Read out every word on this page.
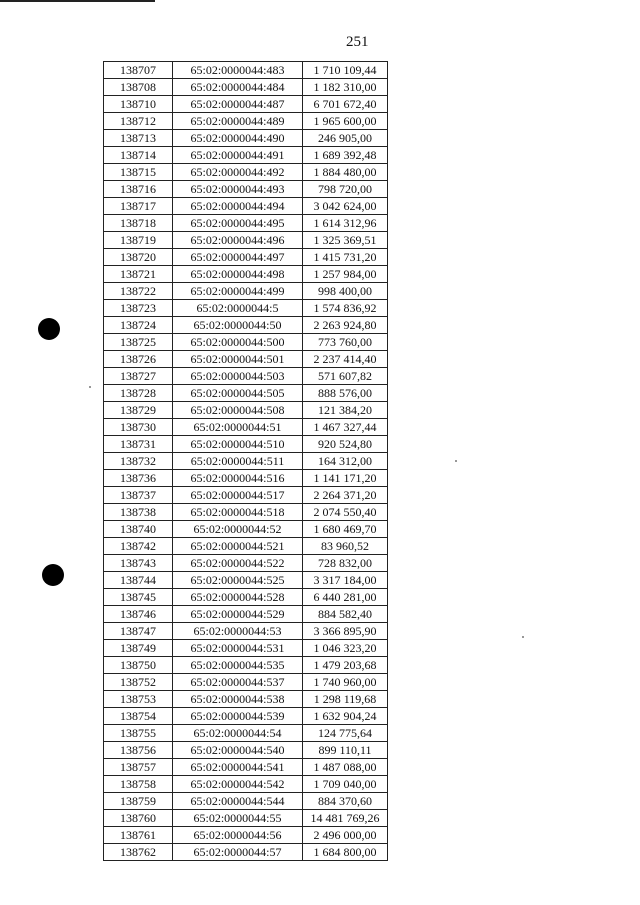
251
138707	65:02:0000044:483	1 710 109,44
138708	65:02:0000044:484	1 182 310,00
138710	65:02:0000044:487	6 701 672,40
138712	65:02:0000044:489	1 965 600,00
138713	65:02:0000044:490	246 905,00
138714	65:02:0000044:491	1 689 392,48
138715	65:02:0000044:492	1 884 480,00
138716	65:02:0000044:493	798 720,00
138717	65:02:0000044:494	3 042 624,00
138718	65:02:0000044:495	1 614 312,96
138719	65:02:0000044:496	1 325 369,51
138720	65:02:0000044:497	1 415 731,20
138721	65:02:0000044:498	1 257 984,00
138722	65:02:0000044:499	998 400,00
138723	65:02:0000044:5	1 574 836,92
138724	65:02:0000044:50	2 263 924,80
138725	65:02:0000044:500	773 760,00
138726	65:02:0000044:501	2 237 414,40
138727	65:02:0000044:503	571 607,82
138728	65:02:0000044:505	888 576,00
138729	65:02:0000044:508	121 384,20
138730	65:02:0000044:51	1 467 327,44
138731	65:02:0000044:510	920 524,80
138732	65:02:0000044:511	164 312,00
138736	65:02:0000044:516	1 141 171,20
138737	65:02:0000044:517	2 264 371,20
138738	65:02:0000044:518	2 074 550,40
138740	65:02:0000044:52	1 680 469,70
138742	65:02:0000044:521	83 960,52
138743	65:02:0000044:522	728 832,00
138744	65:02:0000044:525	3 317 184,00
138745	65:02:0000044:528	6 440 281,00
138746	65:02:0000044:529	884 582,40
138747	65:02:0000044:53	3 366 895,90
138749	65:02:0000044:531	1 046 323,20
138750	65:02:0000044:535	1 479 203,68
138752	65:02:0000044:537	1 740 960,00
138753	65:02:0000044:538	1 298 119,68
138754	65:02:0000044:539	1 632 904,24
138755	65:02:0000044:54	124 775,64
138756	65:02:0000044:540	899 110,11
138757	65:02:0000044:541	1 487 088,00
138758	65:02:0000044:542	1 709 040,00
138759	65:02:0000044:544	884 370,60
138760	65:02:0000044:55	14 481 769,26
138761	65:02:0000044:56	2 496 000,00
138762	65:02:0000044:57	1 684 800,00
